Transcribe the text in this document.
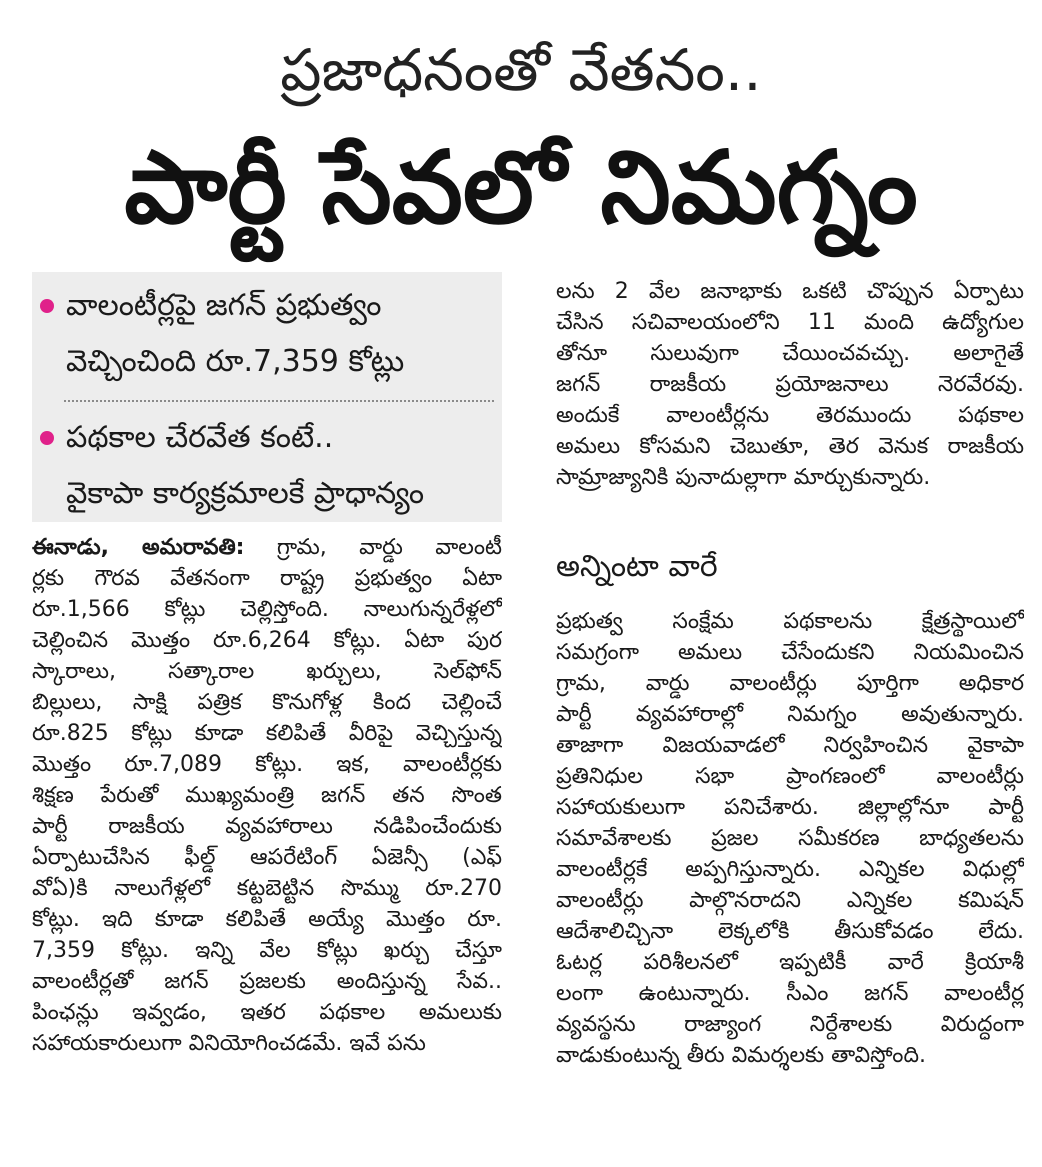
ప్రజాధనంతో వేతనం..
పార్టీ సేవలో నిమగ్నం
వాలంటీర్లపై జగన్ ప్రభుత్వం
వెచ్చించింది రూ.7,359 కోట్లు
పథకాల చేరవేత కంటే..
వైకాపా కార్యక్రమాలకే ప్రాధాన్యం
ఈనాడు, అమరావతి: గ్రామ, వార్డు వాలంటీ
ర్లకు గౌరవ వేతనంగా రాష్ట్ర ప్రభుత్వం ఏటా
రూ.1,566 కోట్లు చెల్లిస్తోంది. నాలుగున్నరేళ్లలో
చెల్లించిన మొత్తం రూ.6,264 కోట్లు. ఏటా పుర
స్కారాలు, సత్కారాల ఖర్చులు, సెల్‌ఫోన్
బిల్లులు, సాక్షి పత్రిక కొనుగోళ్ల కింద చెల్లించే
రూ.825 కోట్లు కూడా కలిపితే వీరిపై వెచ్చిస్తున్న
మొత్తం రూ.7,089 కోట్లు. ఇక, వాలంటీర్లకు
శిక్షణ పేరుతో ముఖ్యమంత్రి జగన్ తన సొంత
పార్టీ రాజకీయ వ్యవహారాలు నడిపించేందుకు
ఏర్పాటుచేసిన ఫీల్డ్ ఆపరేటింగ్ ఏజెన్సీ (ఎఫ్
వోఏ)కి నాలుగేళ్లలో కట్టబెట్టిన సొమ్ము రూ.270
కోట్లు. ఇది కూడా కలిపితే అయ్యే మొత్తం రూ.
7,359 కోట్లు. ఇన్ని వేల కోట్లు ఖర్చు చేస్తూ
వాలంటీర్లతో జగన్ ప్రజలకు అందిస్తున్న సేవ..
పింఛన్లు ఇవ్వడం, ఇతర పథకాల అమలుకు
సహాయకారులుగా వినియోగించడమే. ఇవే పను
లను 2 వేల జనాభాకు ఒకటి చొప్పున ఏర్పాటు
చేసిన సచివాలయంలోని 11 మంది ఉద్యోగుల
తోనూ సులువుగా చేయించవచ్చు. అలాగైతే
జగన్ రాజకీయ ప్రయోజనాలు నెరవేరవు.
అందుకే వాలంటీర్లను తెరముందు పథకాల
అమలు కోసమని చెబుతూ, తెర వెనుక రాజకీయ
సామ్రాజ్యానికి పునాదుల్లాగా మార్చుకున్నారు.
అన్నింటా వారే
ప్రభుత్వ సంక్షేమ పథకాలను క్షేత్రస్థాయిలో
సమగ్రంగా అమలు చేసేందుకని నియమించిన
గ్రామ, వార్డు వాలంటీర్లు పూర్తిగా అధికార
పార్టీ వ్యవహారాల్లో నిమగ్నం అవుతున్నారు.
తాజాగా విజయవాడలో నిర్వహించిన వైకాపా
ప్రతినిధుల సభా ప్రాంగణంలో వాలంటీర్లు
సహాయకులుగా పనిచేశారు. జిల్లాల్లోనూ పార్టీ
సమావేశాలకు ప్రజల సమీకరణ బాధ్యతలను
వాలంటీర్లకే అప్పగిస్తున్నారు. ఎన్నికల విధుల్లో
వాలంటీర్లు పాల్గొనరాదని ఎన్నికల కమిషన్
ఆదేశాలిచ్చినా లెక్కలోకి తీసుకోవడం లేదు.
ఓటర్ల పరిశీలనలో ఇప్పటికీ వారే క్రియాశీ
లంగా ఉంటున్నారు. సీఎం జగన్ వాలంటీర్ల
వ్యవస్థను రాజ్యాంగ నిర్దేశాలకు విరుద్ధంగా
వాడుకుంటున్న తీరు విమర్శలకు తావిస్తోంది.
